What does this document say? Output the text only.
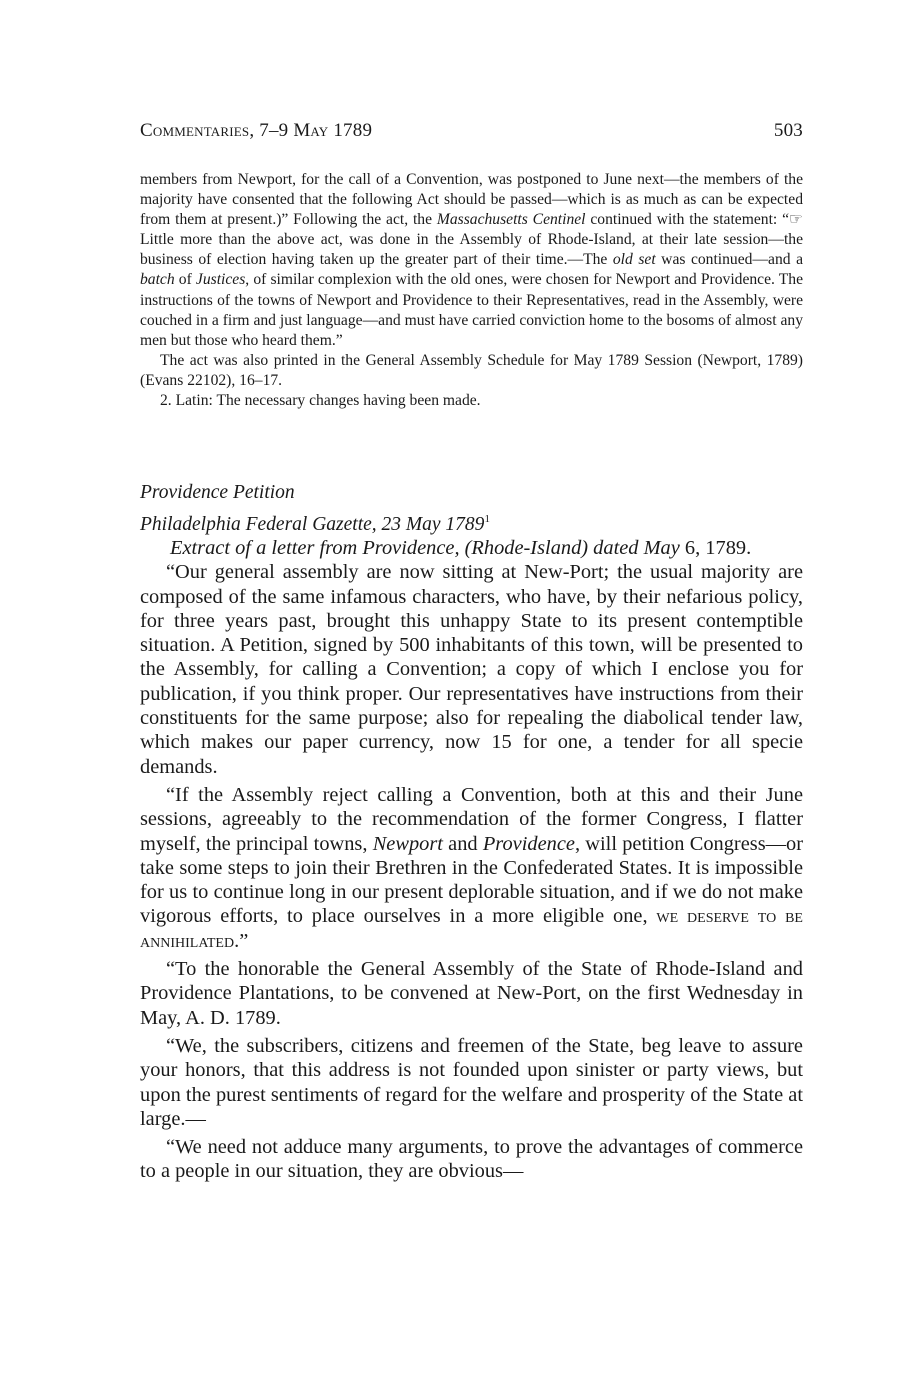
Commentaries, 7–9 May 1789	503

members from Newport, for the call of a Convention, was postponed to June next—the members of the majority have consented that the following Act should be passed—which is as much as can be expected from them at present.)” Following the act, the Massachusetts Centinel continued with the statement: “☞ Little more than the above act, was done in the Assembly of Rhode-Island, at their late session—the business of election having taken up the greater part of their time.—The old set was continued—and a batch of Justices, of similar complexion with the old ones, were chosen for Newport and Providence. The instructions of the towns of Newport and Providence to their Representatives, read in the Assembly, were couched in a firm and just language—and must have carried conviction home to the bosoms of almost any men but those who heard them.”

The act was also printed in the General Assembly Schedule for May 1789 Session (Newport, 1789) (Evans 22102), 16–17.

2. Latin: The necessary changes having been made.

Providence Petition
Philadelphia Federal Gazette, 23 May 1789$^1$

Extract of a letter from Providence, (Rhode-Island) dated May 6, 1789.

“Our general assembly are now sitting at New-Port; the usual majority are composed of the same infamous characters, who have, by their nefarious policy, for three years past, brought this unhappy State to its present contemptible situation. A Petition, signed by 500 inhabitants of this town, will be presented to the Assembly, for calling a Convention; a copy of which I enclose you for publication, if you think proper. Our representatives have instructions from their constituents for the same purpose; also for repealing the diabolical tender law, which makes our paper currency, now 15 for one, a tender for all specie demands.

“If the Assembly reject calling a Convention, both at this and their June sessions, agreeably to the recommendation of the former Congress, I flatter myself, the principal towns, Newport and Providence, will petition Congress—or take some steps to join their Brethren in the Confederated States. It is impossible for us to continue long in our present deplorable situation, and if we do not make vigorous efforts, to place ourselves in a more eligible one, we deserve to be annihilated.”

“To the honorable the General Assembly of the State of Rhode-Island and Providence Plantations, to be convened at New-Port, on the first Wednesday in May, A. D. 1789.

“We, the subscribers, citizens and freemen of the State, beg leave to assure your honors, that this address is not founded upon sinister or party views, but upon the purest sentiments of regard for the welfare and prosperity of the State at large.—

“We need not adduce many arguments, to prove the advantages of commerce to a people in our situation, they are obvious—
